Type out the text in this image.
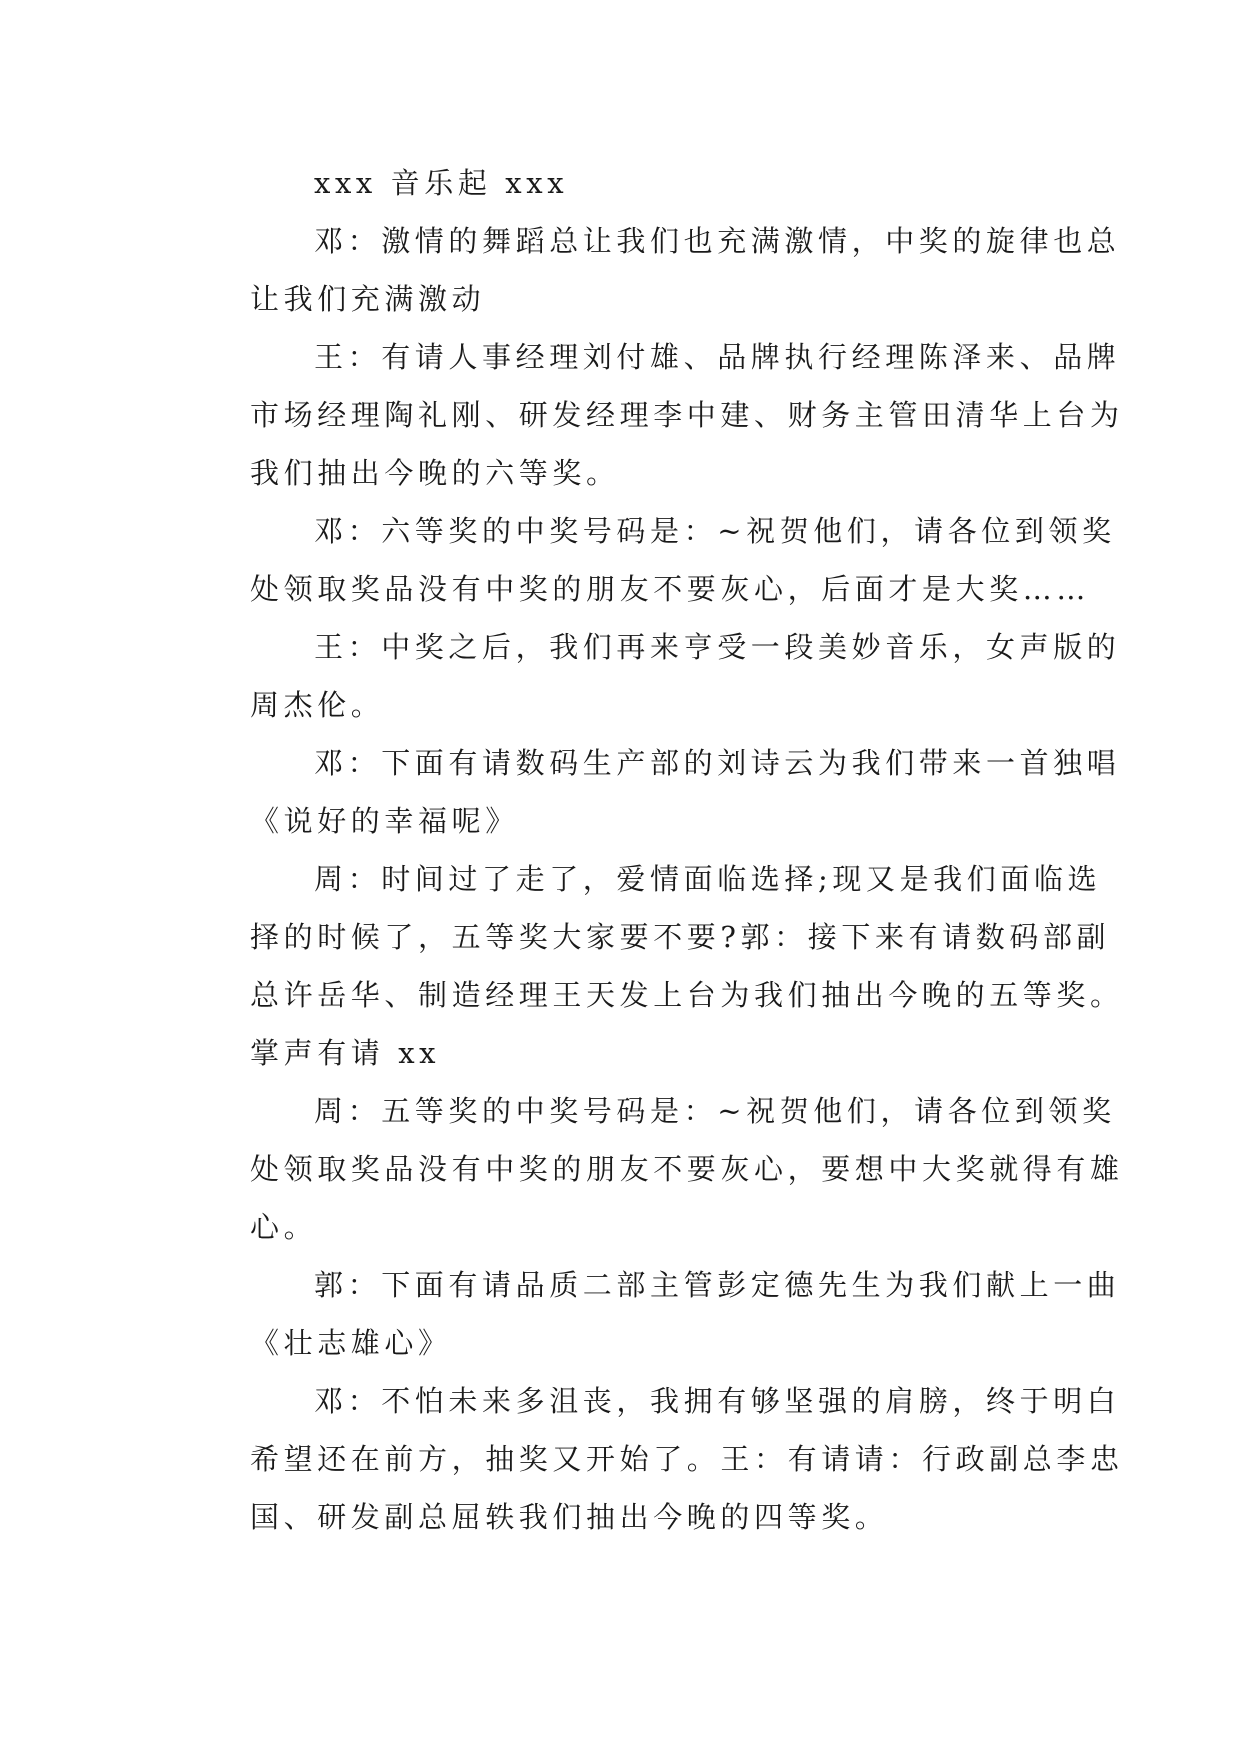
xxx 音乐起 xxx
邓：激情的舞蹈总让我们也充满激情，中奖的旋律也总
让我们充满激动
王：有请人事经理刘付雄、品牌执行经理陈泽来、品牌
市场经理陶礼刚、研发经理李中建、财务主管田清华上台为
我们抽出今晚的六等奖。
邓：六等奖的中奖号码是：~祝贺他们，请各位到领奖
处领取奖品没有中奖的朋友不要灰心，后面才是大奖……
王：中奖之后，我们再来亨受一段美妙音乐，女声版的
周杰伦。
邓：下面有请数码生产部的刘诗云为我们带来一首独唱
《说好的幸福呢》
周：时间过了走了，爱情面临选择;现又是我们面临选
择的时候了，五等奖大家要不要?郭：接下来有请数码部副
总许岳华、制造经理王天发上台为我们抽出今晚的五等奖。
掌声有请 xx
周：五等奖的中奖号码是：~祝贺他们，请各位到领奖
处领取奖品没有中奖的朋友不要灰心，要想中大奖就得有雄
心。
郭：下面有请品质二部主管彭定德先生为我们献上一曲
《壮志雄心》
邓：不怕未来多沮丧，我拥有够坚强的肩膀，终于明白
希望还在前方，抽奖又开始了。王：有请请：行政副总李忠
国、研发副总屈轶我们抽出今晚的四等奖。
